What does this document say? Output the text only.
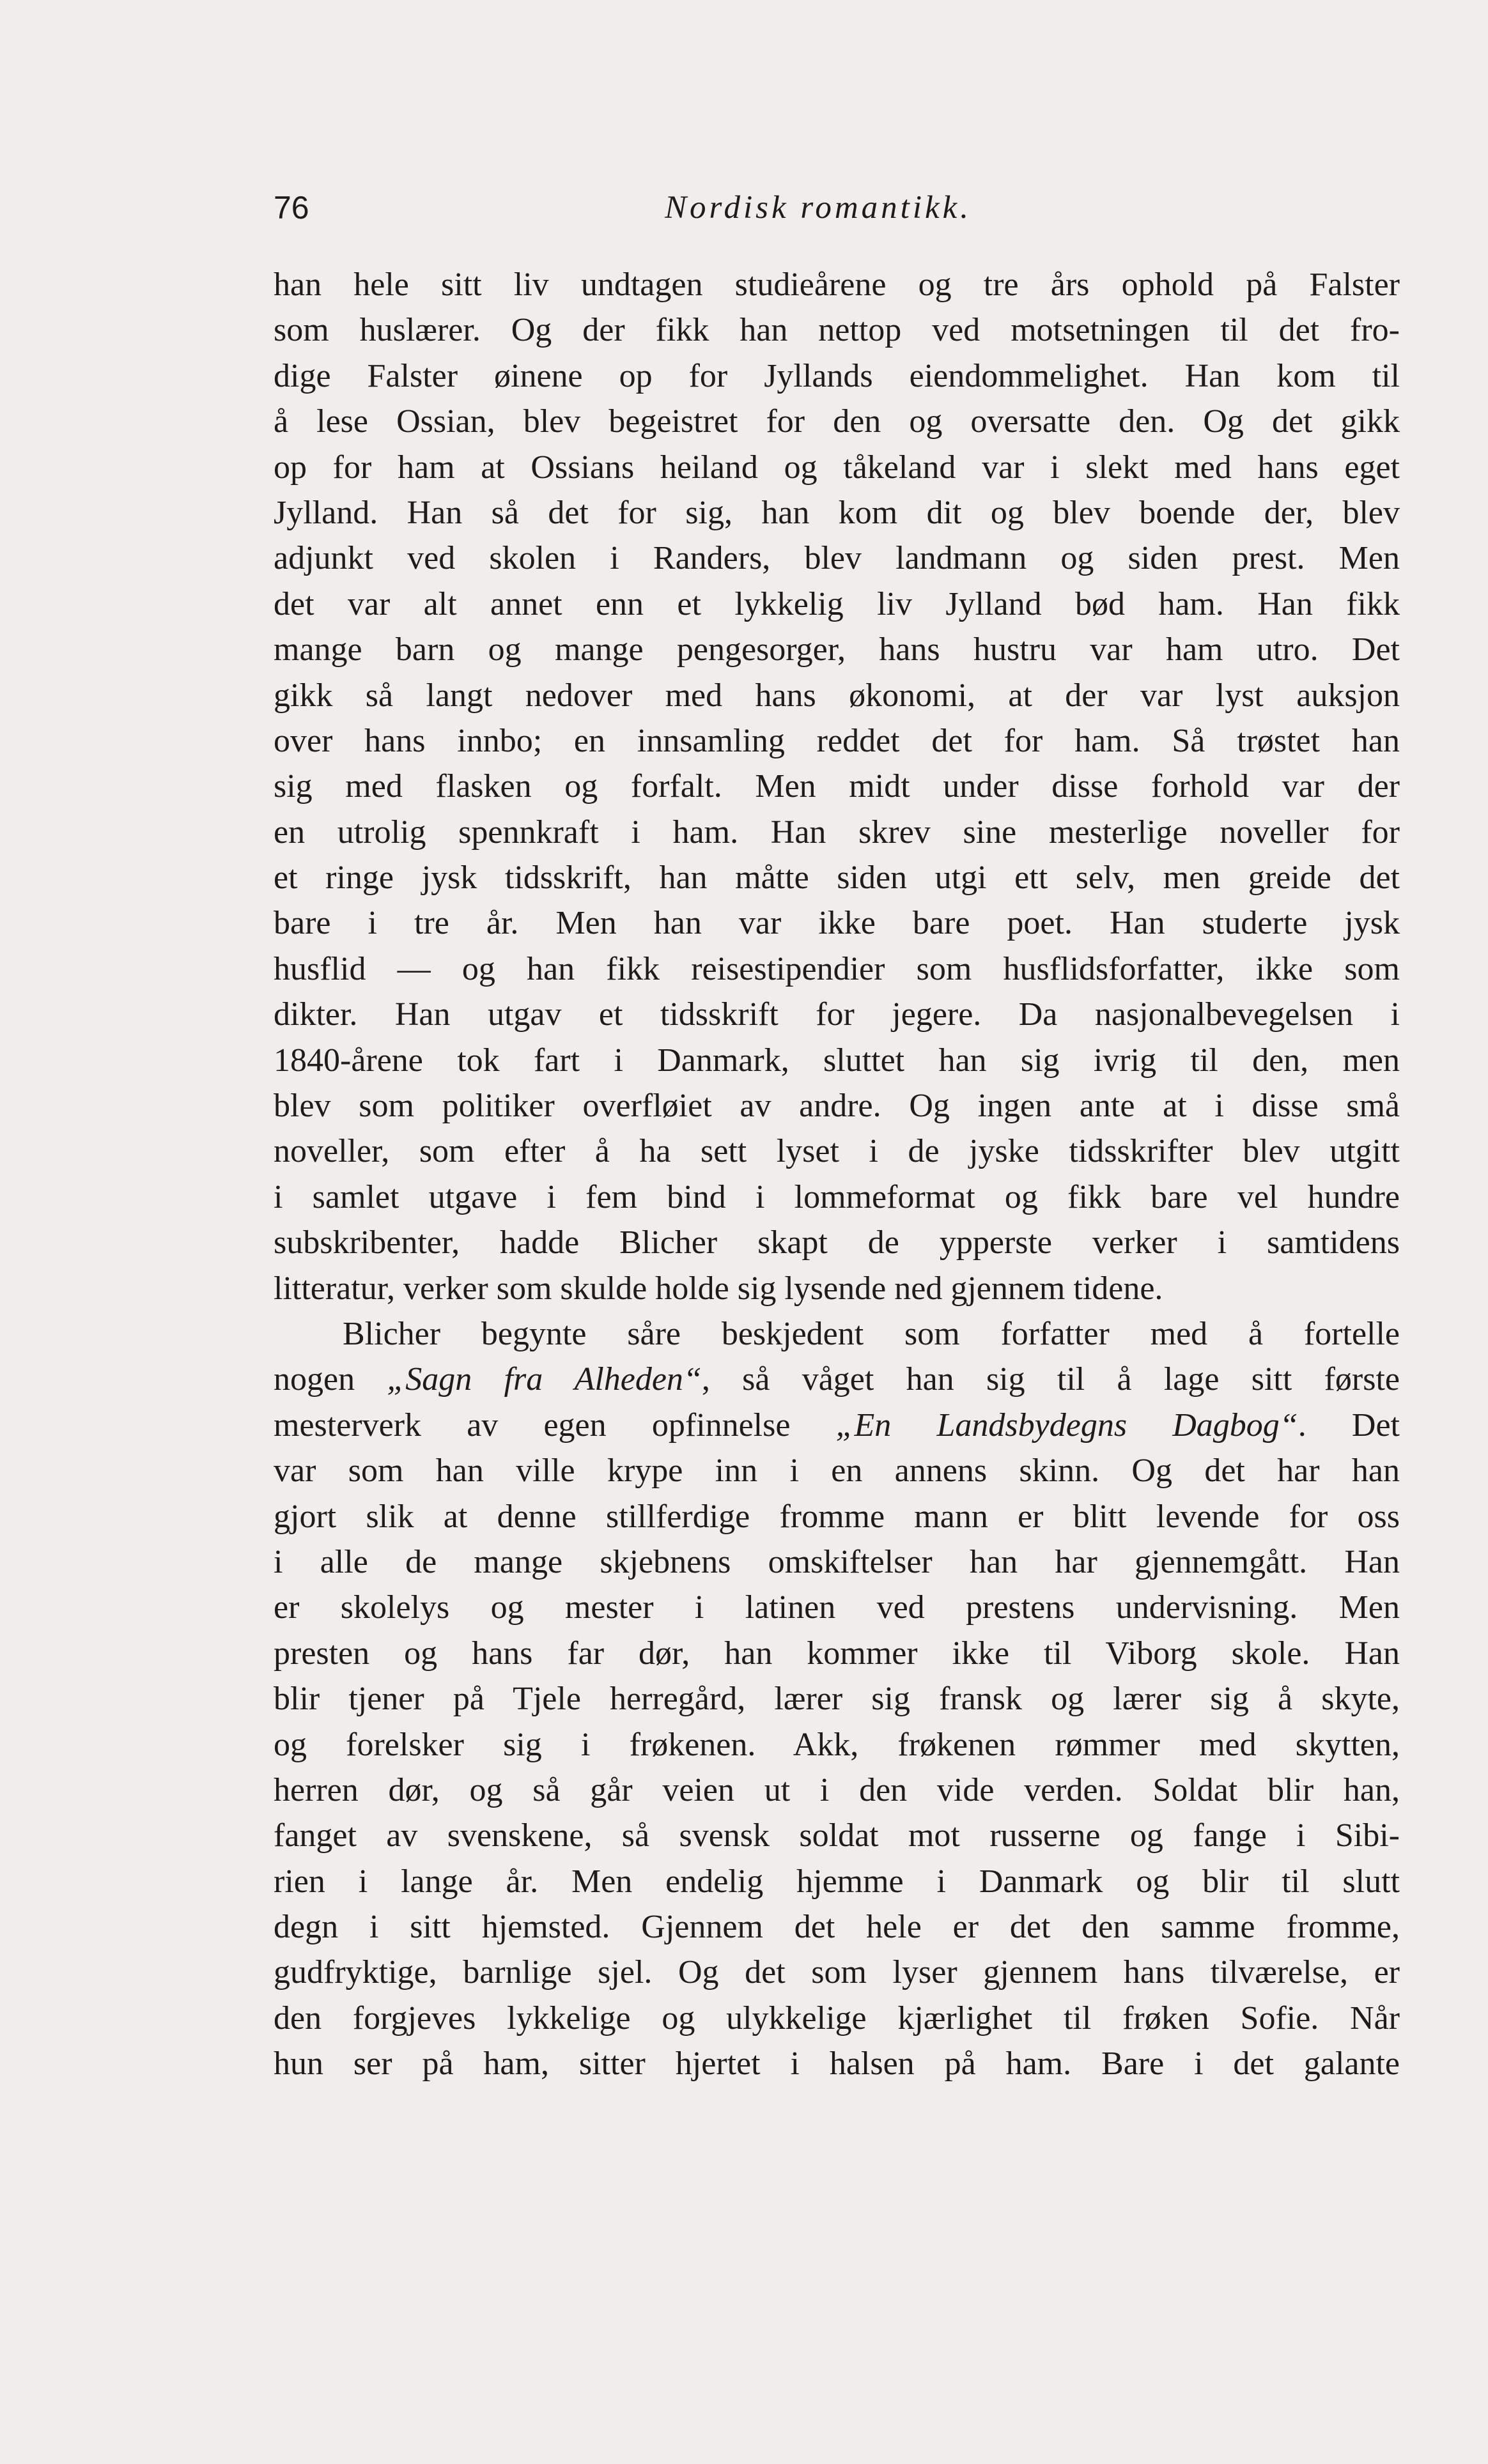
76	Nordisk romantikk.
han hele sitt liv undtagen studieårene og tre års ophold på Falster
som huslærer. Og der fikk han nettop ved motsetningen til det fro-
dige Falster øinene op for Jyllands eiendommelighet. Han kom til
å lese Ossian, blev begeistret for den og oversatte den. Og det gikk
op for ham at Ossians heiland og tåkeland var i slekt med hans eget
Jylland. Han så det for sig, han kom dit og blev boende der, blev
adjunkt ved skolen i Randers, blev landmann og siden prest. Men
det var alt annet enn et lykkelig liv Jylland bød ham. Han fikk
mange barn og mange pengesorger, hans hustru var ham utro. Det
gikk så langt nedover med hans økonomi, at der var lyst auksjon
over hans innbo; en innsamling reddet det for ham. Så trøstet han
sig med flasken og forfalt. Men midt under disse forhold var der
en utrolig spennkraft i ham. Han skrev sine mesterlige noveller for
et ringe jysk tidsskrift, han måtte siden utgi ett selv, men greide det
bare i tre år. Men han var ikke bare poet. Han studerte jysk
husflid — og han fikk reisestipendier som husflidsforfatter, ikke som
dikter. Han utgav et tidsskrift for jegere. Da nasjonalbevegelsen i
1840-årene tok fart i Danmark, sluttet han sig ivrig til den, men
blev som politiker overfløiet av andre. Og ingen ante at i disse små
noveller, som efter å ha sett lyset i de jyske tidsskrifter blev utgitt
i samlet utgave i fem bind i lommeformat og fikk bare vel hundre
subskribenter, hadde Blicher skapt de ypperste verker i samtidens
litteratur, verker som skulde holde sig lysende ned gjennem tidene.
Blicher begynte såre beskjedent som forfatter med å fortelle
nogen „Sagn fra Alheden“, så våget han sig til å lage sitt første
mesterverk av egen opfinnelse „En Landsbydegns Dagbog“. Det
var som han ville krype inn i en annens skinn. Og det har han
gjort slik at denne stillferdige fromme mann er blitt levende for oss
i alle de mange skjebnens omskiftelser han har gjennemgått. Han
er skolelys og mester i latinen ved prestens undervisning. Men
presten og hans far dør, han kommer ikke til Viborg skole. Han
blir tjener på Tjele herregård, lærer sig fransk og lærer sig å skyte,
og forelsker sig i frøkenen. Akk, frøkenen rømmer med skytten,
herren dør, og så går veien ut i den vide verden. Soldat blir han,
fanget av svenskene, så svensk soldat mot russerne og fange i Sibi-
rien i lange år. Men endelig hjemme i Danmark og blir til slutt
degn i sitt hjemsted. Gjennem det hele er det den samme fromme,
gudfryktige, barnlige sjel. Og det som lyser gjennem hans tilværelse, er
den forgjeves lykkelige og ulykkelige kjærlighet til frøken Sofie. Når
hun ser på ham, sitter hjertet i halsen på ham. Bare i det galante
